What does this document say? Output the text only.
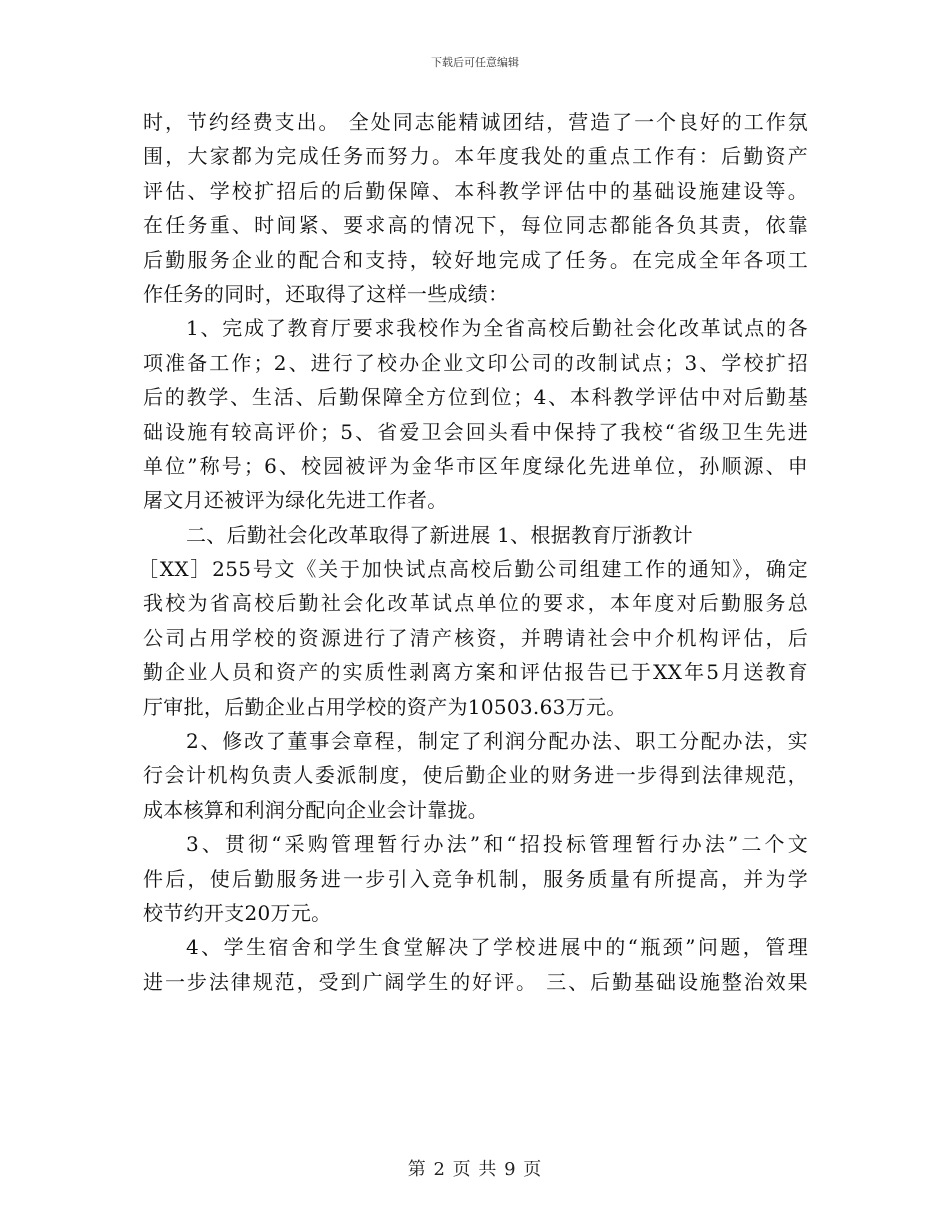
下载后可任意编辑
时，节约经费支出。 全处同志能精诚团结，营造了一个良好的工作氛
围，大家都为完成任务而努力。本年度我处的重点工作有：后勤资产
评估、学校扩招后的后勤保障、本科教学评估中的基础设施建设等。
在任务重、时间紧、要求高的情况下，每位同志都能各负其责，依靠
后勤服务企业的配合和支持，较好地完成了任务。在完成全年各项工
作任务的同时，还取得了这样一些成绩：
1、完成了教育厅要求我校作为全省高校后勤社会化改革试点的各
项准备工作；2、进行了校办企业文印公司的改制试点；3、学校扩招
后的教学、生活、后勤保障全方位到位；4、本科教学评估中对后勤基
础设施有较高评价；5、省爱卫会回头看中保持了我校“省级卫生先进
单位”称号；6、校园被评为金华市区年度绿化先进单位，孙顺源、申
屠文月还被评为绿化先进工作者。
二、后勤社会化改革取得了新进展 1、根据教育厅浙教计
［XX］255号文《关于加快试点高校后勤公司组建工作的通知》，确定
我校为省高校后勤社会化改革试点单位的要求，本年度对后勤服务总
公司占用学校的资源进行了清产核资，并聘请社会中介机构评估，后
勤企业人员和资产的实质性剥离方案和评估报告已于XX年5月送教育
厅审批，后勤企业占用学校的资产为10503.63万元。
2、修改了董事会章程，制定了利润分配办法、职工分配办法，实
行会计机构负责人委派制度，使后勤企业的财务进一步得到法律规范，
成本核算和利润分配向企业会计靠拢。
3、贯彻“采购管理暂行办法”和“招投标管理暂行办法”二个文
件后，使后勤服务进一步引入竞争机制，服务质量有所提高，并为学
校节约开支20万元。
4、学生宿舍和学生食堂解决了学校进展中的“瓶颈”问题，管理
进一步法律规范，受到广阔学生的好评。 三、后勤基础设施整治效果
第 2 页 共 9 页
